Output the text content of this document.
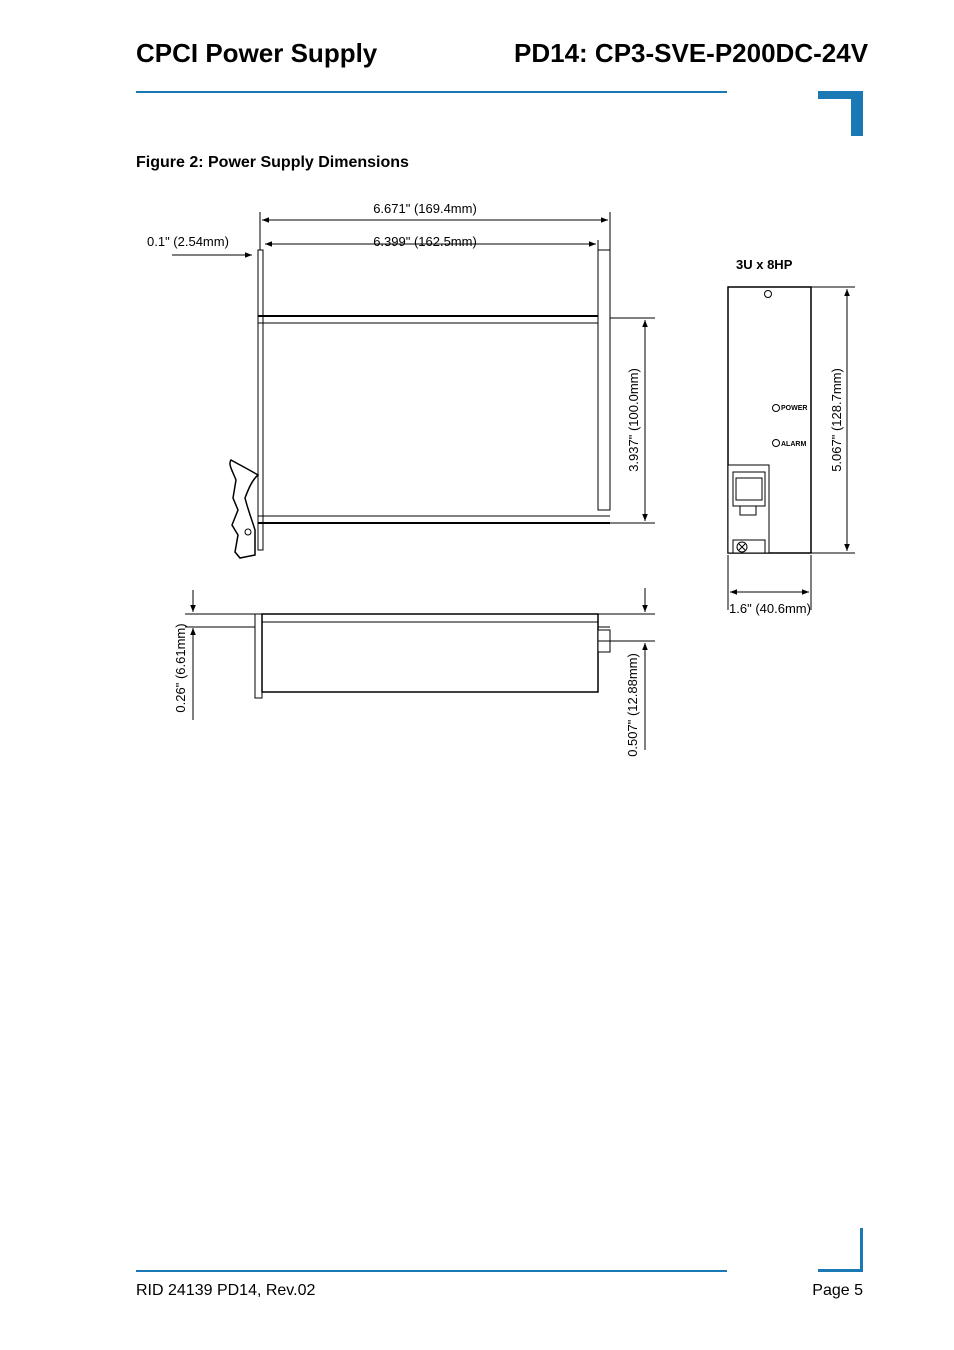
CPCI Power Supply	PD14: CP3-SVE-P200DC-24V
Figure 2: Power Supply Dimensions
6.671" (169.4mm)
6.399" (162.5mm)
0.1" (2.54mm)
3.937" (100.0mm)
0.26" (6.61mm)	0.507" (12.88mm)
5.067" (128.7mm)
1.6" (40.6mm)
3U x 8HP
POWER
ALARM
RID 24139 PD14, Rev.02	Page 5
